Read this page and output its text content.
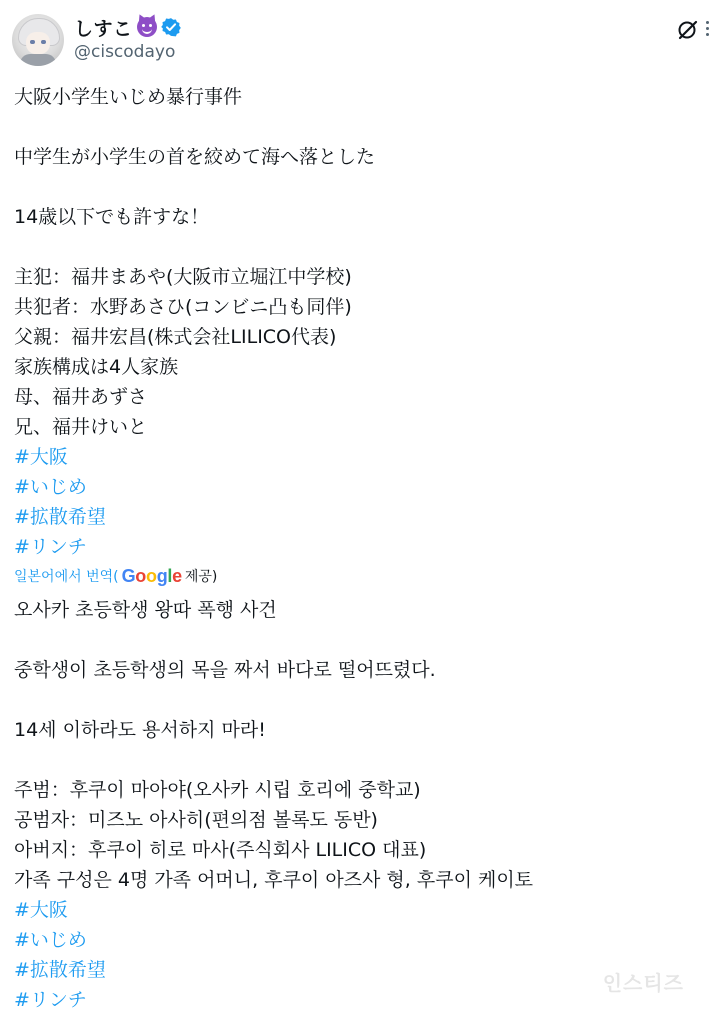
しすこ
@ciscodayo
大阪小学生いじめ暴行事件
中学生が小学生の首を絞めて海へ落とした
14歳以下でも許すな！
主犯：福井まあや(大阪市立堀江中学校)
共犯者：水野あさひ(コンビニ凸も同伴)
父親：福井宏昌(株式会社LILICO代表)
家族構成は4人家族
母、福井あずさ
兄、福井けいと
#大阪
#いじめ
#拡散希望
#リンチ
일본어에서 번역( Google 제공)
오사카 초등학생 왕따 폭행 사건
중학생이 초등학생의 목을 짜서 바다로 떨어뜨렸다.
14세 이하라도 용서하지 마라!
주범：후쿠이 마아야(오사카 시립 호리에 중학교)
공범자：미즈노 아사히(편의점 볼록도 동반)
아버지：후쿠이 히로 마사(주식회사 LILICO 대표)
가족 구성은 4명 가족 어머니, 후쿠이 아즈사 형, 후쿠이 케이토
#大阪
#いじめ
#拡散希望
#リンチ
인스티즈
